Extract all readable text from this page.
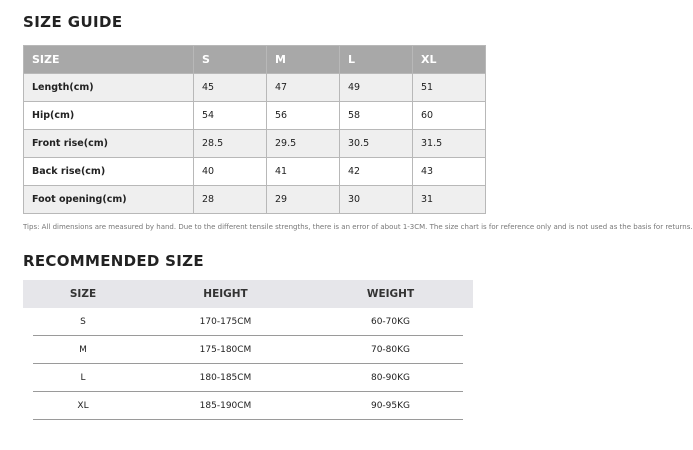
SIZE GUIDE
SIZE	S	M	L	XL
Length(cm)	45	47	49	51
Hip(cm)	54	56	58	60
Front rise(cm)	28.5	29.5	30.5	31.5
Back rise(cm)	40	41	42	43
Foot opening(cm)	28	29	30	31
Tips: All dimensions are measured by hand. Due to the different tensile strengths, there is an error of about 1-3CM. The size chart is for reference only and is not used as the basis for returns.
RECOMMENDED SIZE
SIZE	HEIGHT	WEIGHT
S	170-175CM	60-70KG
M	175-180CM	70-80KG
L	180-185CM	80-90KG
XL	185-190CM	90-95KG
